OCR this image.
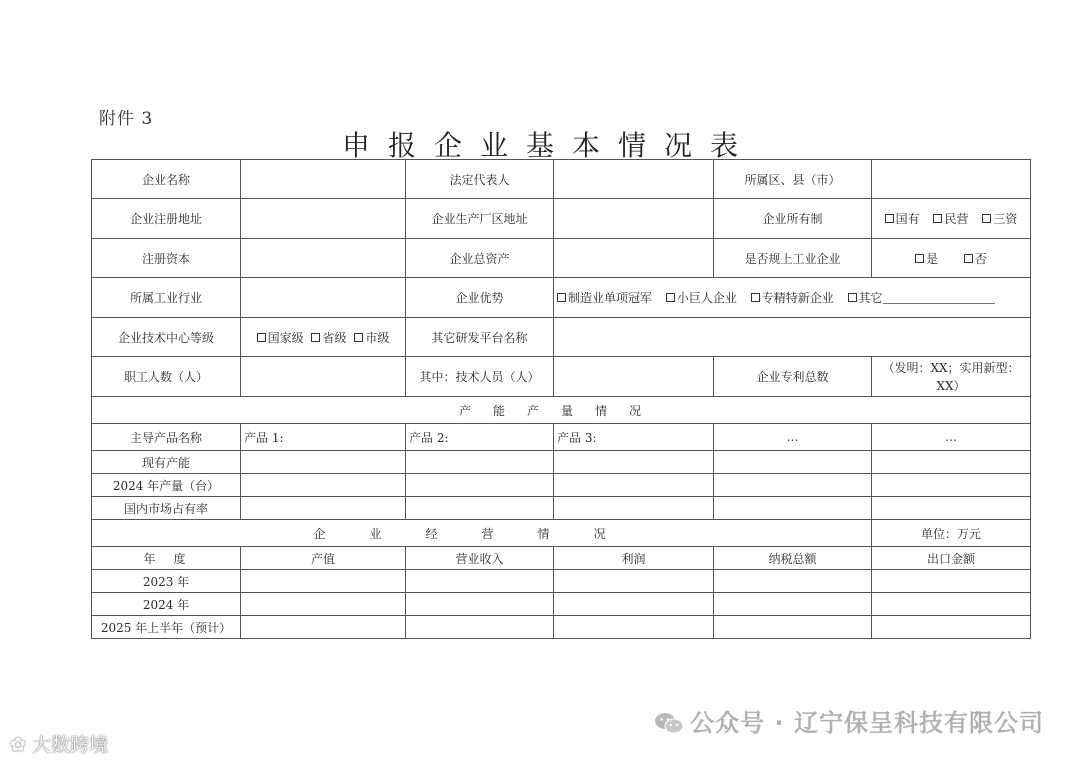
附件 3
申报企业基本情况表
企业名称		法定代表人		所属区、县（市）	
企业注册地址		企业生产厂区地址		企业所有制	国有 民营 三资
注册资本		企业总资产		是否规上工业企业	是 否
所属工业行业		企业优势	制造业单项冠军 小巨人企业 专精特新企业 其它		
企业技术中心等级	国家级 省级 市级	其它研发平台名称			
职工人数（人）		其中：技术人员（人）		企业专利总数	（发明：XX；实用新型：XX）
产能产量情况					
主导产品名称	产品 1:	产品 2:	产品 3:	…	…
现有产能					
2024 年产量（台）					
国内市场占有率					
企业经营情况					单位：万元
年度	产值	营业收入	利润	纳税总额	出口金额
2023 年					
2024 年					
2025 年上半年（预计）					
✿ 大数跨境
公众号 · 辽宁保呈科技有限公司
